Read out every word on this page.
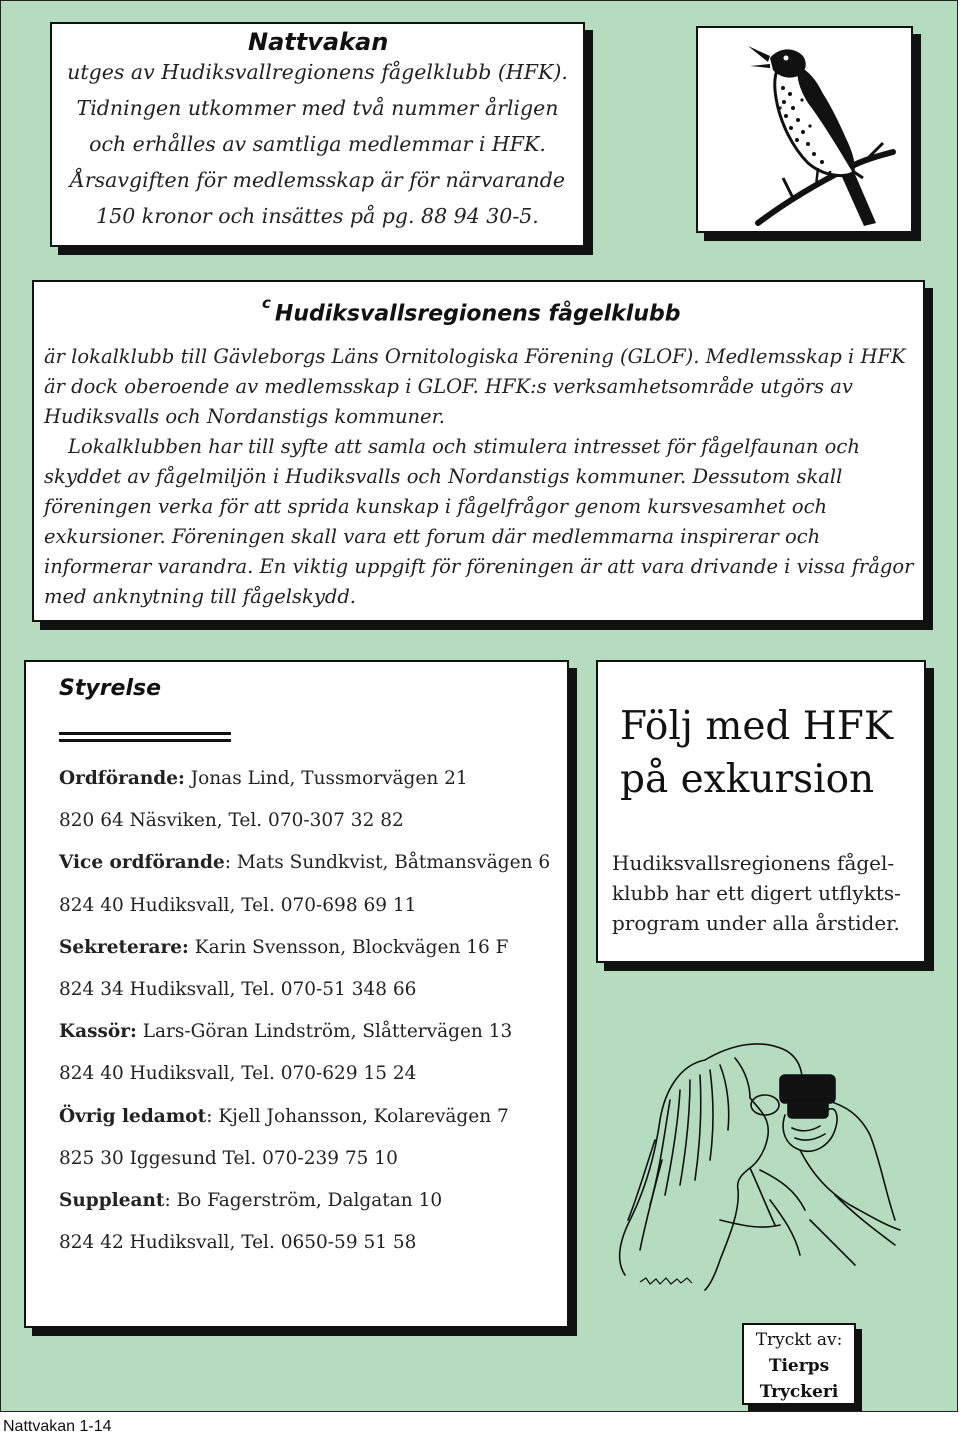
Nattvakan
utges av Hudiksvallregionens fågelklubb (HFK).
Tidningen utkommer med två nummer årligen
och erhålles av samtliga medlemmar i HFK.
Årsavgiften för medlemsskap är för närvarande
150 kronor och insättes på pg. 88 94 30-5.
$^c$ Hudiksvallsregionens fågelklubb

är lokalklubb till Gävleborgs Läns Ornitologiska Förening (GLOF). Medlemsskap i HFK är dock oberoende av medlemsskap i GLOF. HFK:s verksamhetsområde utgörs av Hudiksvalls och Nordanstigs kommuner.

Lokalklubben har till syfte att samla och stimulera intresset för fågelfaunan och skyddet av fågelmiljön i Hudiksvalls och Nordanstigs kommuner. Dessutom skall föreningen verka för att sprida kunskap i fågelfrågor genom kursvesamhet och exkursioner. Föreningen skall vara ett forum där medlemmarna inspirerar och informerar varandra. En viktig uppgift för föreningen är att vara drivande i vissa frågor med anknytning till fågelskydd.

Styrelse
Ordförande: Jonas Lind, Tussmorvägen 21
820 64 Näsviken, Tel. 070-307 32 82
Vice ordförande: Mats Sundkvist, Båtmansvägen 6
824 40 Hudiksvall, Tel. 070-698 69 11
Sekreterare: Karin Svensson, Blockvägen 16 F
824 34 Hudiksvall, Tel. 070-51 348 66
Kassör: Lars-Göran Lindström, Slåttervägen 13
824 40 Hudiksvall, Tel. 070-629 15 24
Övrig ledamot: Kjell Johansson, Kolarevägen 7
825 30 Iggesund Tel. 070-239 75 10
Suppleant: Bo Fagerström, Dalgatan 10
824 42 Hudiksvall, Tel. 0650-59 51 58
Följ med HFK
på exkursion
Hudiksvallsregionens fågel-
klubb har ett digert utflykts-
program under alla årstider.
Tryckt av:
Tierps
Tryckeri
Nattvakan 1-14
